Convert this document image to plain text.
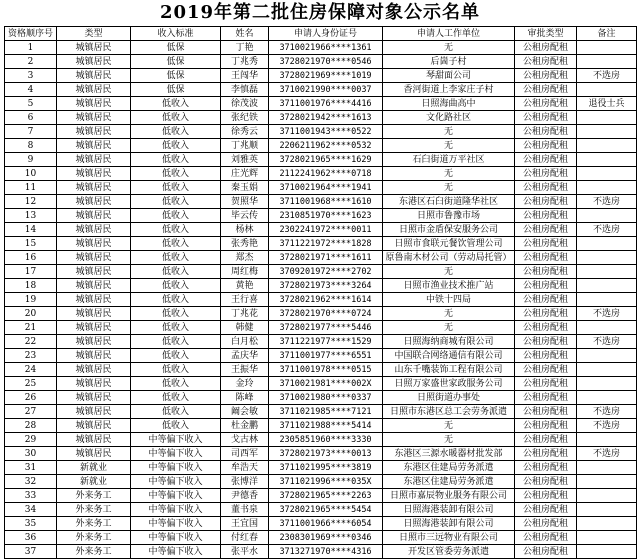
2019年第二批住房保障对象公示名单
资格顺序号	类型	收入标准	姓名	申请人身份证号	申请人工作单位	审批类型	备注
1	城镇居民	低保	丁艳	3710021966****1361	无	公租房配租	
2	城镇居民	低保	丁兆秀	3728021970****0546	后崮子村	公租房配租	
3	城镇居民	低保	王闯华	3728021969****1019	琴甜面公司	公租房配租	不选房
4	城镇居民	低保	李慎磊	3710021990****0037	香河街道上李家庄子村	公租房配租	
5	城镇居民	低收入	徐茂波	3711001976****4416	日照海曲高中	公租房配租	退役士兵
6	城镇居民	低收入	张纪铁	3728021942****1613	文化路社区	公租房配租	
7	城镇居民	低收入	徐秀云	3711001943****0522	无	公租房配租	
8	城镇居民	低收入	丁兆顺	2206211962****0532	无	公租房配租	
9	城镇居民	低收入	刘雅英	3728021965****1629	石臼街道万平社区	公租房配租	
10	城镇居民	低收入	庄光辉	2112241962****0718	无	公租房配租	
11	城镇居民	低收入	秦玉娟	3710021964****1941	无	公租房配租	
12	城镇居民	低收入	贺照华	3711001968****1610	东港区石臼街道隆华社区	公租房配租	不选房
13	城镇居民	低收入	毕云传	2310851970****1623	日照市鲁豫市场	公租房配租	
14	城镇居民	低收入	杨林	2302241972****0011	日照市金盾保安服务公司	公租房配租	不选房
15	城镇居民	低收入	张秀艳	3711221972****1828	日照市食联元餐饮管理公司	公租房配租	
16	城镇居民	低收入	郑杰	3728021971****1611	原鲁南木材公司（劳动局托管）	公租房配租	
17	城镇居民	低收入	周红梅	3709201972****2702	无	公租房配租	
18	城镇居民	低收入	黄艳	3728021973****3264	日照市渔业技术推广站	公租房配租	
19	城镇居民	低收入	王行喜	3728021962****1614	中铁十四局	公租房配租	
20	城镇居民	低收入	丁兆花	3728021970****0724	无	公租房配租	不选房
21	城镇居民	低收入	韩健	3728021977****5446	无	公租房配租	
22	城镇居民	低收入	白月松	3711221977****1529	日照海纳商城有限公司	公租房配租	不选房
23	城镇居民	低收入	孟庆华	3711001977****6551	中国联合网络通信有限公司	公租房配租	
24	城镇居民	低收入	王振华	3711001978****0515	山东千嘴装饰工程有限公司	公租房配租	
25	城镇居民	低收入	金玲	3710021981****002X	日照万家盛世家政服务公司	公租房配租	
26	城镇居民	低收入	陈峰	3710021980****0337	日照街道办事处	公租房配租	
27	城镇居民	低收入	阚会敏	3711021985****7121	日照市东港区总工会劳务派遣	公租房配租	不选房
28	城镇居民	低收入	杜金鹏	3711021988****5414	无	公租房配租	不选房
29	城镇居民	中等偏下收入	戈古林	2305851960****3330	无	公租房配租	
30	城镇居民	中等偏下收入	司西军	3728021973****0013	东港区三源水暖器材批发部	公租房配租	不选房
31	新就业	中等偏下收入	牟浩天	3711021995****3819	东港区住建局劳务派遣	公租房配租	
32	新就业	中等偏下收入	张博洋	3711021996****035X	东港区住建局劳务派遣	公租房配租	
33	外来务工	中等偏下收入	尹德香	3728021965****2263	日照市嘉辰物业服务有限公司	公租房配租	
34	外来务工	中等偏下收入	董书泉	3728021965****5454	日照海港装卸有限公司	公租房配租	
35	外来务工	中等偏下收入	王宜国	3711001966****6054	日照海港装卸有限公司	公租房配租	
36	外来务工	中等偏下收入	付红春	2308301969****0346	日照市三远物业有限公司	公租房配租	
37	外来务工	中等偏下收入	张平水	3713271970****4316	开发区管委劳务派遣	公租房配租	
